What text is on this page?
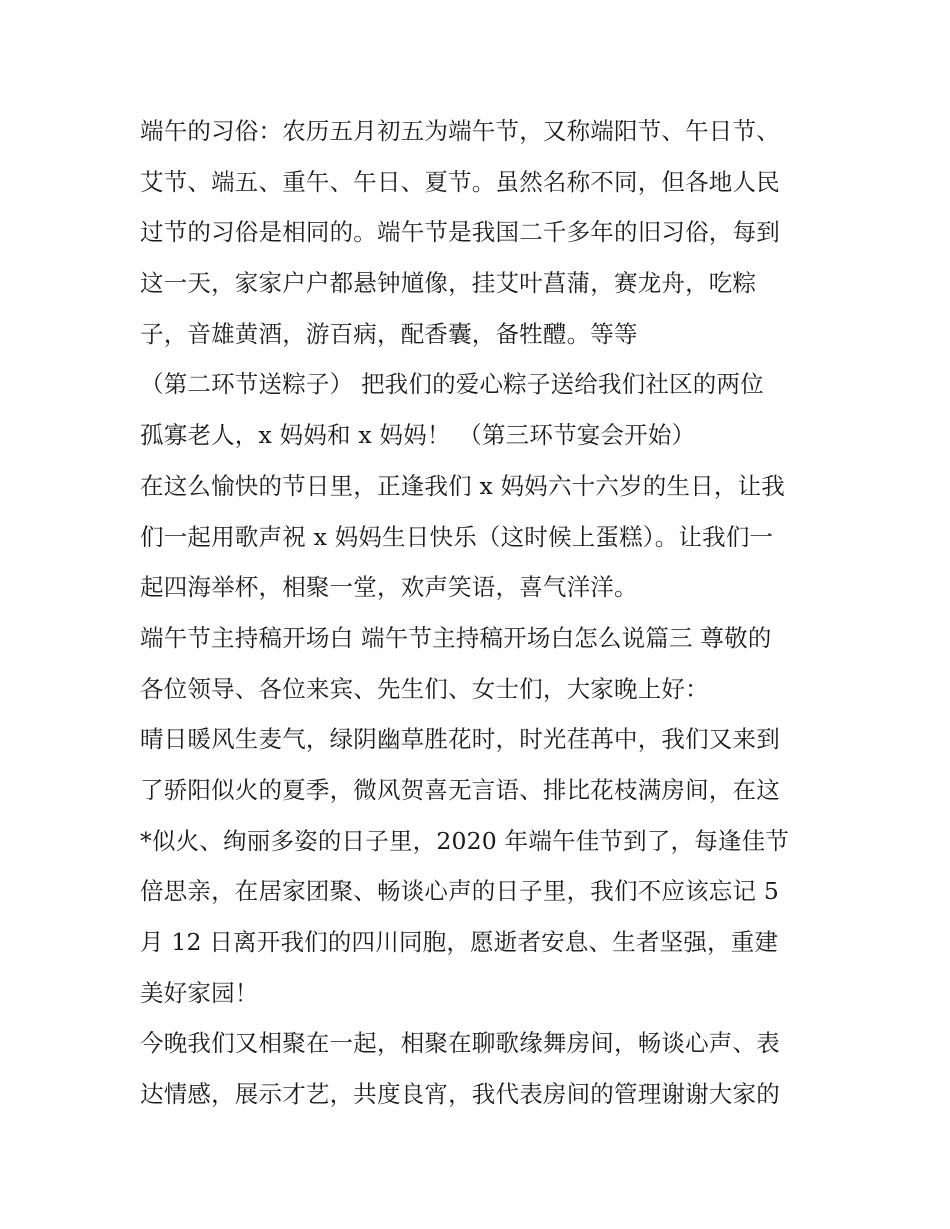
端午的习俗：农历五月初五为端午节，又称端阳节、午日节、
艾节、端五、重午、午日、夏节。虽然名称不同，但各地人民
过节的习俗是相同的。端午节是我国二千多年的旧习俗，每到
这一天，家家户户都悬钟馗像，挂艾叶菖蒲，赛龙舟，吃粽
子，音雄黄酒，游百病，配香囊，备牲醴。等等
（第二环节送粽子） 把我们的爱心粽子送给我们社区的两位
孤寡老人，x 妈妈和 x 妈妈！ （第三环节宴会开始）
在这么愉快的节日里，正逢我们 x 妈妈六十六岁的生日，让我
们一起用歌声祝 x 妈妈生日快乐（这时候上蛋糕）。让我们一
起四海举杯，相聚一堂，欢声笑语，喜气洋洋。
端午节主持稿开场白 端午节主持稿开场白怎么说篇三 尊敬的
各位领导、各位来宾、先生们、女士们，大家晚上好：
晴日暖风生麦气，绿阴幽草胜花时，时光荏苒中，我们又来到
了骄阳似火的夏季，微风贺喜无言语、排比花枝满房间，在这
*似火、绚丽多姿的日子里，2020 年端午佳节到了，每逢佳节
倍思亲，在居家团聚、畅谈心声的日子里，我们不应该忘记 5
月 12 日离开我们的四川同胞，愿逝者安息、生者坚强，重建
美好家园！
今晚我们又相聚在一起，相聚在聊歌缘舞房间，畅谈心声、表
达情感，展示才艺，共度良宵，我代表房间的管理谢谢大家的
